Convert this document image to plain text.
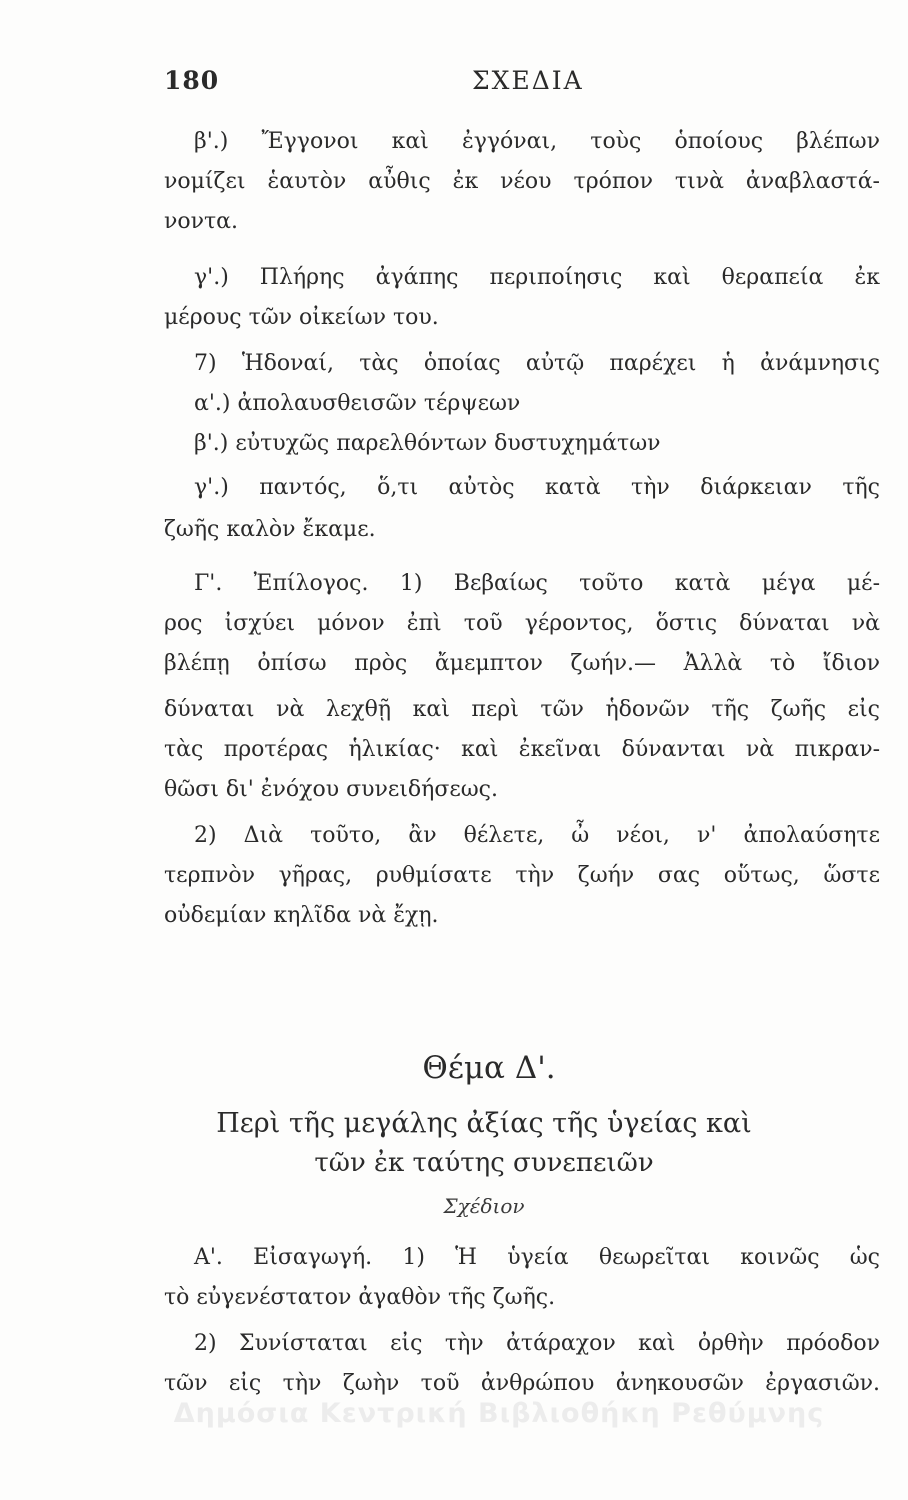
180	ΣΧΕΔΙΑ
β'.) Ἔγγονοι καὶ ἐγγόναι, τοὺς ὁποίους βλέπων
νομίζει ἑαυτὸν αὖθις ἐκ νέου τρόπον τινὰ ἀναβλαστά-
νοντα.
γ'.) Πλήρης ἀγάπης περιποίησις καὶ θεραπεία ἐκ
μέρους τῶν οἰκείων του.
7) Ἡδοναί, τὰς ὁποίας αὐτῷ παρέχει ἡ ἀνάμνησις
α'.) ἀπολαυσθεισῶν τέρψεων
β'.) εὐτυχῶς παρελθόντων δυστυχημάτων
γ'.) παντός, ὅ,τι αὐτὸς κατὰ τὴν διάρκειαν τῆς
ζωῆς καλὸν ἔκαμε.
Γ'. Ἐπίλογος. 1) Βεβαίως τοῦτο κατὰ μέγα μέ-
ρος ἰσχύει μόνον ἐπὶ τοῦ γέροντος, ὅστις δύναται νὰ
βλέπῃ ὀπίσω πρὸς ἄμεμπτον ζωήν.— Ἀλλὰ τὸ ἴδιον
δύναται νὰ λεχθῇ καὶ περὶ τῶν ἡδονῶν τῆς ζωῆς εἰς
τὰς προτέρας ἡλικίας· καὶ ἐκεῖναι δύνανται νὰ πικραν-
θῶσι δι' ἐνόχου συνειδήσεως.
2) Διὰ τοῦτο, ἂν θέλετε, ὦ νέοι, ν' ἀπολαύσητε
τερπνὸν γῆρας, ρυθμίσατε τὴν ζωήν σας οὕτως, ὥστε
οὐδεμίαν κηλῖδα νὰ ἔχῃ.
Θέμα Δ'.
Περὶ τῆς μεγάλης ἀξίας τῆς ὑγείας καὶ
τῶν ἐκ ταύτης συνεπειῶν
Σχέδιον
Α'. Εἰσαγωγή. 1) Ἡ ὑγεία θεωρεῖται κοινῶς ὡς
τὸ εὐγενέστατον ἀγαθὸν τῆς ζωῆς.
2) Συνίσταται εἰς τὴν ἀτάραχον καὶ ὀρθὴν πρόοδον
τῶν εἰς τὴν ζωὴν τοῦ ἀνθρώπου ἀνηκουσῶν ἐργασιῶν.
Δημόσια Κεντρική Βιβλιοθήκη Ρεθύμνης
